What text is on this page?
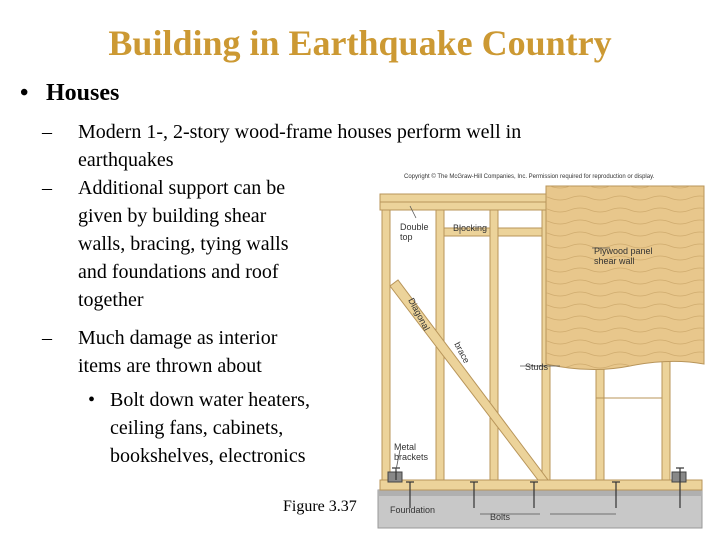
Building in Earthquake Country
• Houses
– Modern 1-, 2-story wood-frame houses perform well in
earthquakes
– Additional support can be
given by building shear
walls, bracing, tying walls
and foundations and roof
together
– Much damage as interior
items are thrown about
• Bolt down water heaters,
ceiling fans, cabinets,
bookshelves, electronics
Figure 3.37
Diagonal
brace
Copyright © The McGraw-Hill Companies, Inc. Permission required for reproduction or display.
Double
top
Blocking
Plywood panel
shear wall
Studs
Metal
brackets
Foundation
Bolts
